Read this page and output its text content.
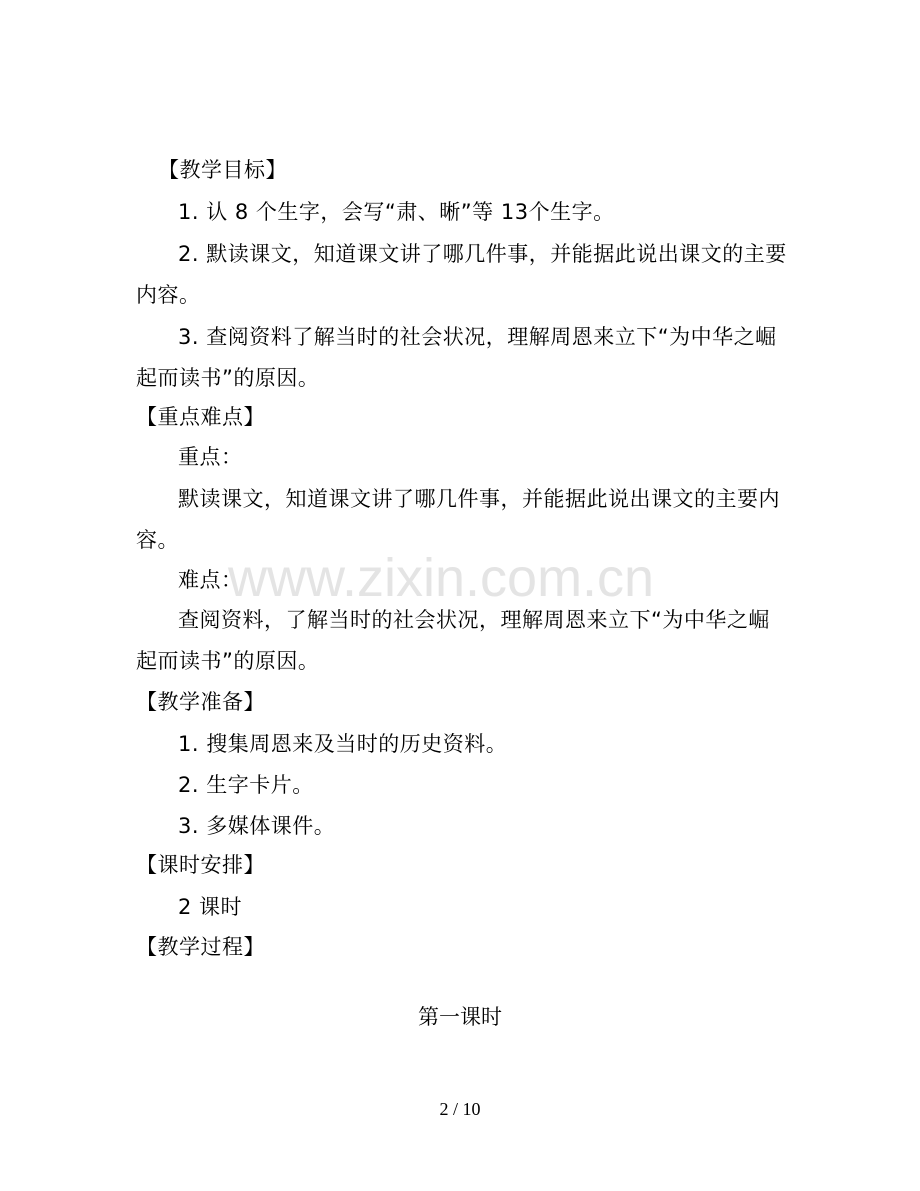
www.zixin.com.cn
【教学目标】
1. 认 8 个生字，会写“肃、晰”等 13个生字。
2. 默读课文，知道课文讲了哪几件事，并能据此说出课文的主要
内容。
3. 查阅资料了解当时的社会状况，理解周恩来立下“为中华之崛
起而读书”的原因。
【重点难点】
重点：
默读课文，知道课文讲了哪几件事，并能据此说出课文的主要内
容。
难点：
查阅资料，了解当时的社会状况，理解周恩来立下“为中华之崛
起而读书”的原因。
【教学准备】
1. 搜集周恩来及当时的历史资料。
2. 生字卡片。
3. 多媒体课件。
【课时安排】
2 课时
【教学过程】
第一课时
2 / 10
